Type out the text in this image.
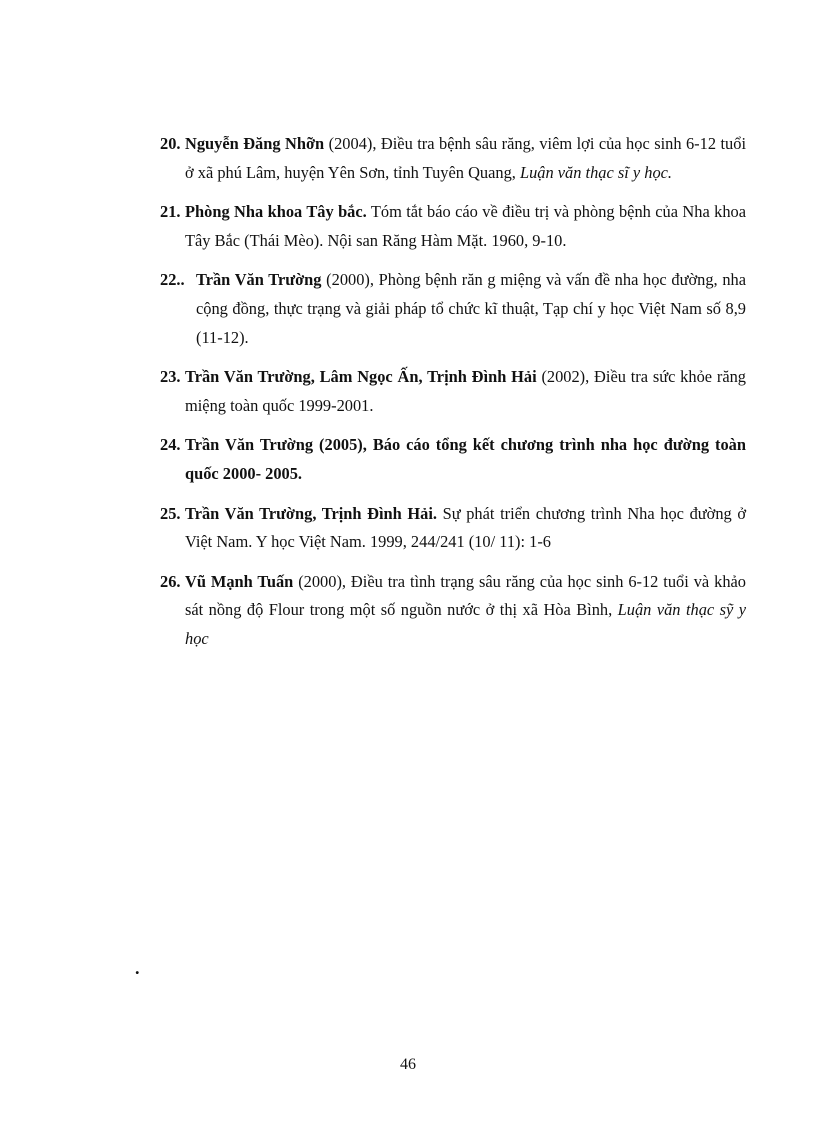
20. Nguyễn Đăng Nhỡn (2004), Điều tra bệnh sâu răng, viêm lợi của học sinh 6-12 tuổi ở xã phú Lâm, huyện Yên Sơn, tỉnh Tuyên Quang, Luận văn thạc sĩ y học.
21. Phòng Nha khoa Tây bắc. Tóm tắt báo cáo về điều trị và phòng bệnh của Nha khoa Tây Bắc (Thái Mèo). Nội san Răng Hàm Mặt. 1960, 9-10.
22.. Trần Văn Trường (2000), Phòng bệnh răn g miệng và vấn đề nha học đường, nha cộng đồng, thực trạng và giải pháp tổ chức kĩ thuật, Tạp chí y học Việt Nam số 8,9 (11-12).
23. Trần Văn Trường, Lâm Ngọc Ấn, Trịnh Đình Hải (2002), Điều tra sức khỏe răng miệng toàn quốc 1999-2001.
24. Trần Văn Trường (2005), Báo cáo tổng kết chương trình nha học đường toàn quốc 2000- 2005.
25. Trần Văn Trường, Trịnh Đình Hải. Sự phát triển chương trình Nha học đường ở Việt Nam. Y học Việt Nam. 1999, 244/241 (10/ 11): 1-6
26. Vũ Mạnh Tuấn (2000), Điều tra tình trạng sâu răng của học sinh 6-12 tuổi và khảo sát nồng độ Flour trong một số nguồn nước ở thị xã Hòa Bình, Luận văn thạc sỹ y học
.
46
